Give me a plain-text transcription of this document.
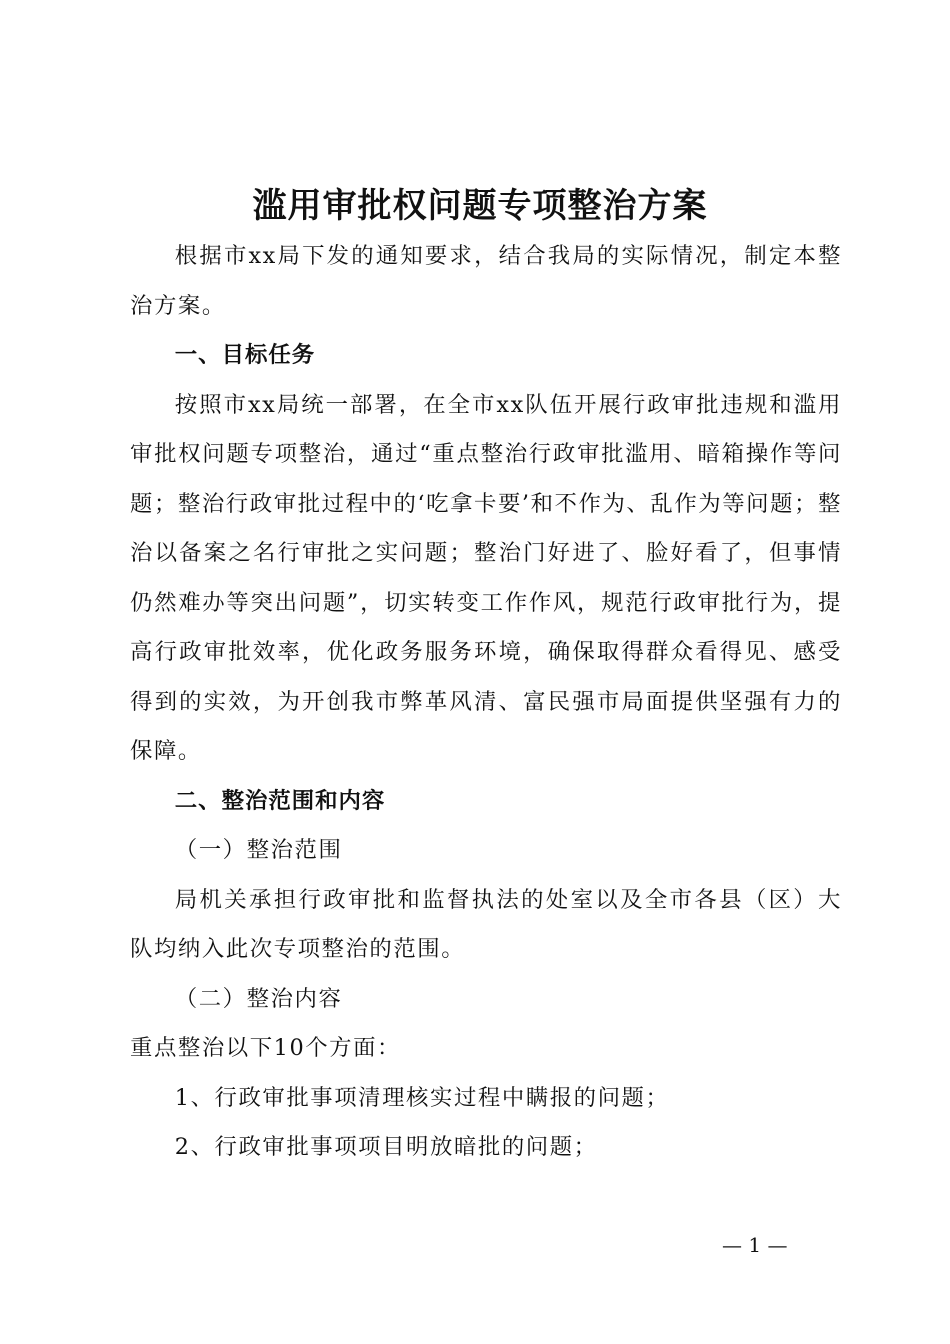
滥用审批权问题专项整治方案

根据市xx局下发的通知要求，结合我局的实际情况，制定本整治方案。

一、目标任务

按照市xx局统一部署，在全市xx队伍开展行政审批违规和滥用审批权问题专项整治，通过“重点整治行政审批滥用、暗箱操作等问题；整治行政审批过程中的‘吃拿卡要’和不作为、乱作为等问题；整治以备案之名行审批之实问题；整治门好进了、脸好看了，但事情仍然难办等突出问题”，切实转变工作作风，规范行政审批行为，提高行政审批效率，优化政务服务环境，确保取得群众看得见、感受得到的实效，为开创我市弊革风清、富民强市局面提供坚强有力的保障。

二、整治范围和内容

（一）整治范围

局机关承担行政审批和监督执法的处室以及全市各县（区）大队均纳入此次专项整治的范围。

（二）整治内容

重点整治以下10个方面：

1、行政审批事项清理核实过程中瞒报的问题；

2、行政审批事项项目明放暗批的问题；

— 1 —
